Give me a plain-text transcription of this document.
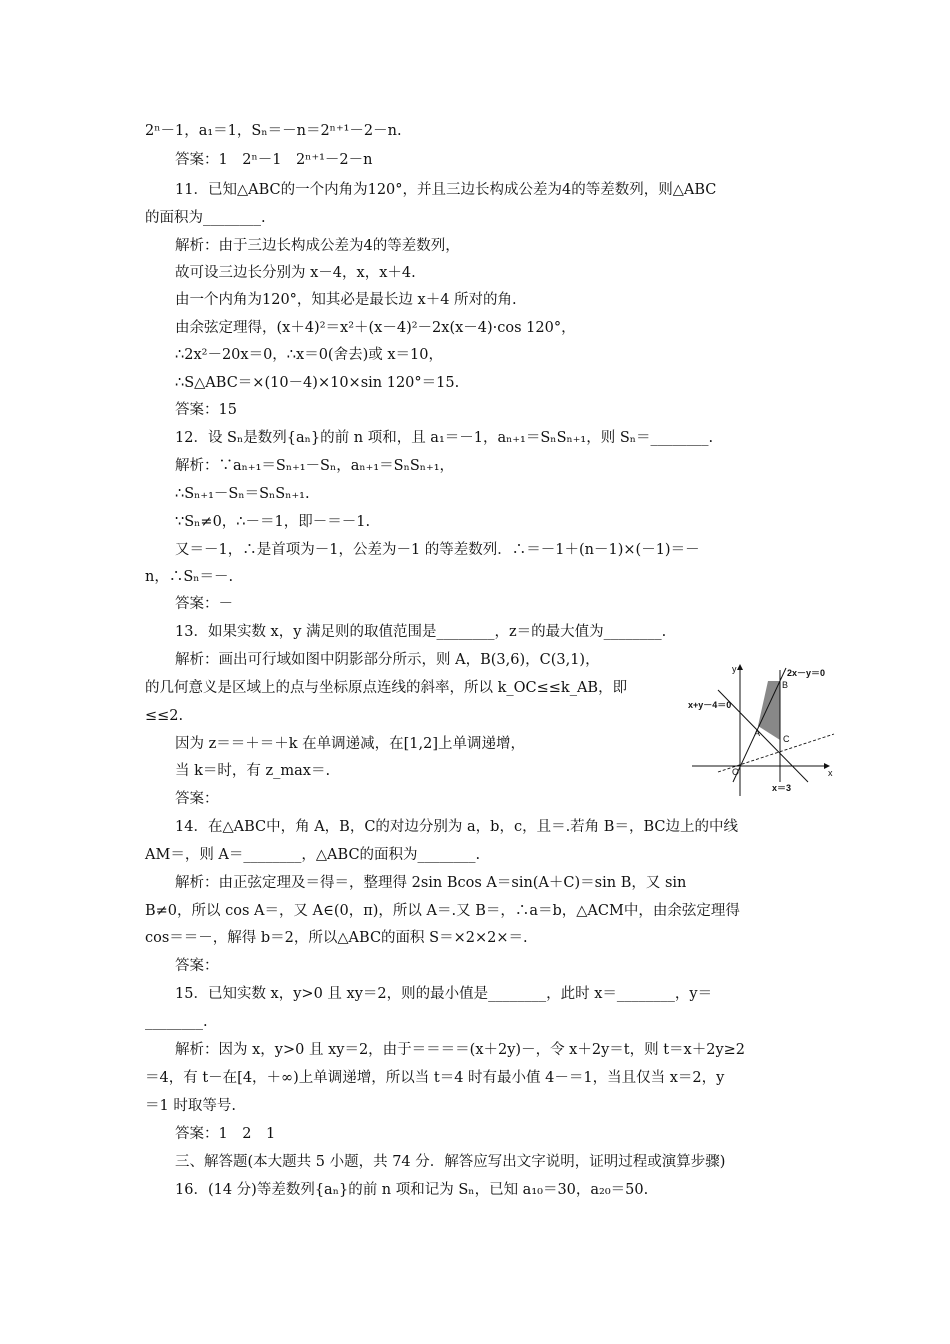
2ⁿ－1，a₁＝1，Sₙ＝－n＝2ⁿ⁺¹－2－n.
答案：1　2ⁿ－1　2ⁿ⁺¹－2－n
11．已知△ABC的一个内角为120°，并且三边长构成公差为4的等差数列，则△ABC
的面积为________.
解析：由于三边长构成公差为4的等差数列，
故可设三边长分别为 x－4，x，x＋4.
由一个内角为120°，知其必是最长边 x＋4 所对的角.
由余弦定理得，(x＋4)²＝x²＋(x－4)²－2x(x－4)·cos 120°，
∴2x²－20x＝0，∴x＝0(舍去)或 x＝10，
∴S△ABC＝×(10－4)×10×sin 120°＝15.
答案：15
12．设 Sₙ是数列{aₙ}的前 n 项和，且 a₁＝－1，aₙ₊₁＝SₙSₙ₊₁，则 Sₙ＝________.
解析：∵aₙ₊₁＝Sₙ₊₁－Sₙ，aₙ₊₁＝SₙSₙ₊₁，
∴Sₙ₊₁－Sₙ＝SₙSₙ₊₁.
∵Sₙ≠0，∴－＝1，即－＝－1.
又＝－1，∴是首项为－1，公差为－1 的等差数列．∴＝－1＋(n－1)×(－1)＝－
n，∴Sₙ＝－.
答案：－
13．如果实数 x，y 满足则的取值范围是________，z＝的最大值为________.
解析：画出可行域如图中阴影部分所示，则 A，B(3,6)，C(3,1)，
的几何意义是区域上的点与坐标原点连线的斜率，所以 k_OC≤≤k_AB，即
≤≤2.
因为 z＝＝＋＝＋k 在单调递减，在[1,2]上单调递增，
当 k＝时，有 z_max＝.
答案：
14．在△ABC中，角 A，B，C的对边分别为 a，b，c，且＝.若角 B＝，BC边上的中线
AM＝，则 A＝________，△ABC的面积为________.
解析：由正弦定理及＝得＝，整理得 2sin Bcos A＝sin(A＋C)＝sin B，又 sin
B≠0，所以 cos A＝，又 A∈(0，π)，所以 A＝.又 B＝，∴a＝b，△ACM中，由余弦定理得
cos＝＝－，解得 b＝2，所以△ABC的面积 S＝×2×2×＝.
答案：
15．已知实数 x，y>0 且 xy＝2，则的最小值是________，此时 x＝________，y＝
________.
解析：因为 x，y>0 且 xy＝2，由于＝＝＝＝(x＋2y)－，令 x＋2y＝t，则 t＝x＋2y≥2
＝4，有 t－在[4，＋∞)上单调递增，所以当 t＝4 时有最小值 4－＝1，当且仅当 x＝2，y
＝1 时取等号.
答案：1　2　1
三、解答题(本大题共 5 小题，共 74 分．解答应写出文字说明，证明过程或演算步骤)
16．(14 分)等差数列{aₙ}的前 n 项和记为 Sₙ，已知 a₁₀＝30，a₂₀＝50.
y
x
2x－y＝0
x+y－4＝0
x＝3
A
B
C
O
